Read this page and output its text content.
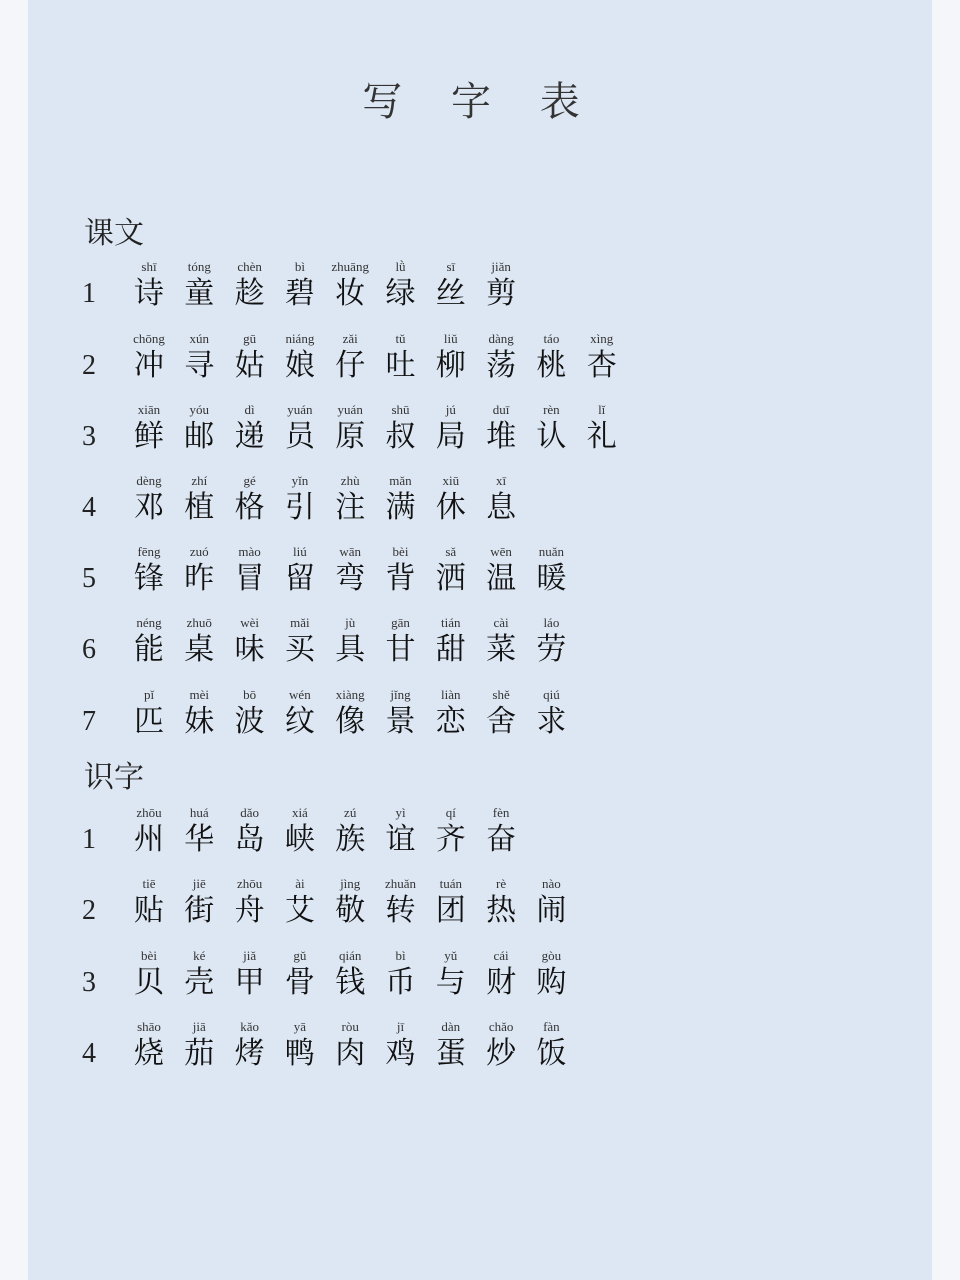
写 字 表
课文
1
shī
诗
tóng
童
chèn
趁
bì
碧
zhuāng
妆
lǜ
绿
sī
丝
jiǎn
剪
2
chōng
冲
xún
寻
gū
姑
niáng
娘
zǎi
仔
tǔ
吐
liǔ
柳
dàng
荡
táo
桃
xìng
杏
3
xiān
鲜
yóu
邮
dì
递
yuán
员
yuán
原
shū
叔
jú
局
duī
堆
rèn
认
lǐ
礼
4
dèng
邓
zhí
植
gé
格
yǐn
引
zhù
注
mǎn
满
xiū
休
xī
息
5
fēng
锋
zuó
昨
mào
冒
liú
留
wān
弯
bèi
背
sǎ
洒
wēn
温
nuǎn
暖
6
néng
能
zhuō
桌
wèi
味
mǎi
买
jù
具
gān
甘
tián
甜
cài
菜
láo
劳
7
pǐ
匹
mèi
妹
bō
波
wén
纹
xiàng
像
jǐng
景
liàn
恋
shě
舍
qiú
求
识字
1
zhōu
州
huá
华
dǎo
岛
xiá
峡
zú
族
yì
谊
qí
齐
fèn
奋
2
tiē
贴
jiē
街
zhōu
舟
ài
艾
jìng
敬
zhuǎn
转
tuán
团
rè
热
nào
闹
3
bèi
贝
ké
壳
jiǎ
甲
gǔ
骨
qián
钱
bì
币
yǔ
与
cái
财
gòu
购
4
shāo
烧
jiā
茄
kǎo
烤
yā
鸭
ròu
肉
jī
鸡
dàn
蛋
chǎo
炒
fàn
饭
